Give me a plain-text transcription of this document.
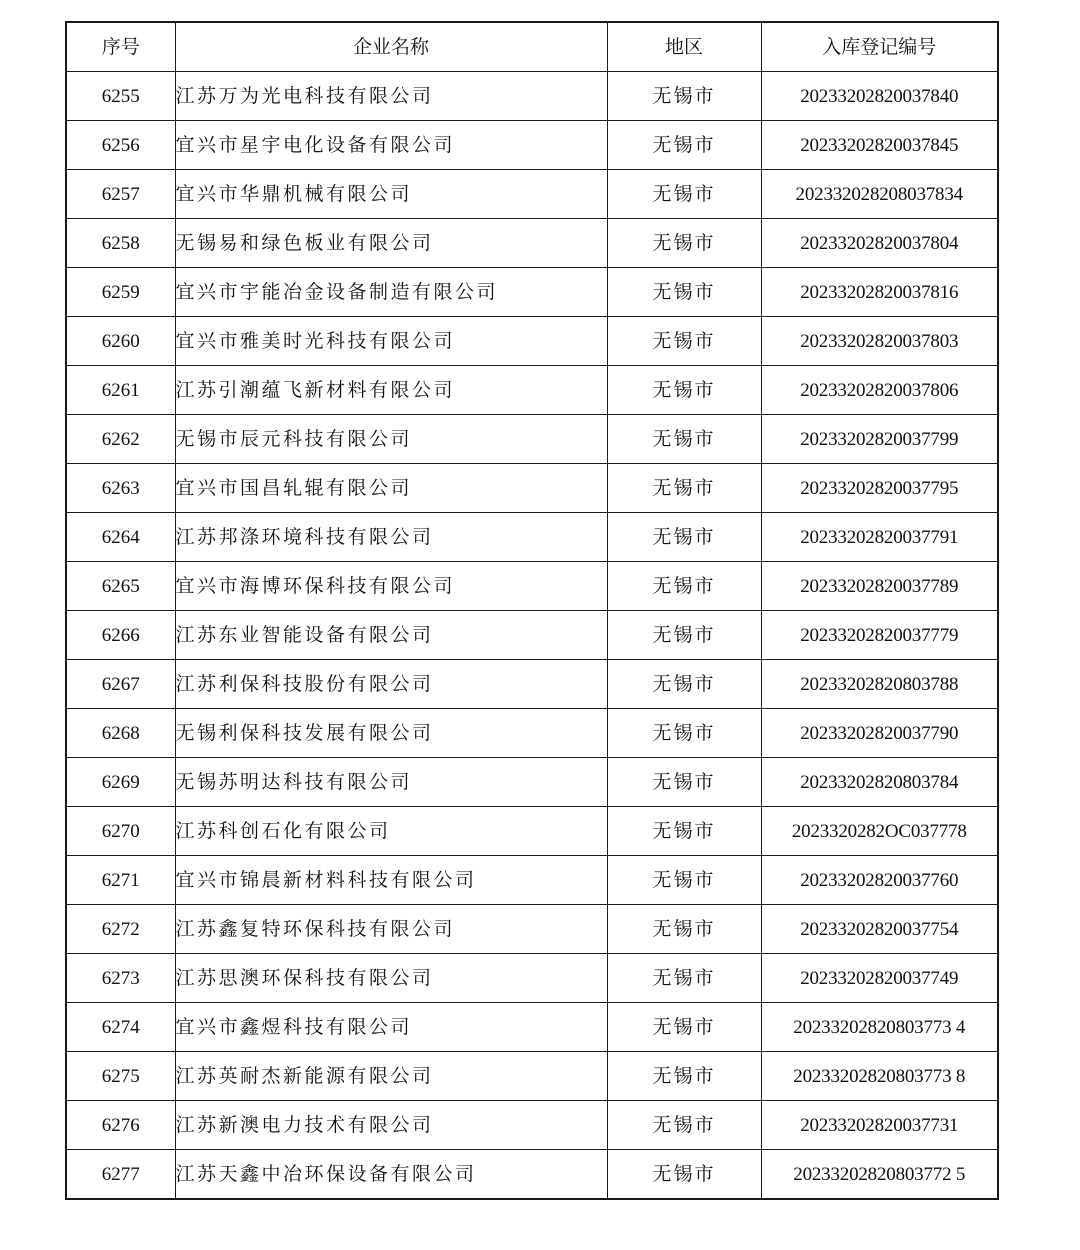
序号	企业名称	地区	入库登记编号
6255	江苏万为光电科技有限公司	无锡市	20233202820037840
6256	宜兴市星宇电化设备有限公司	无锡市	20233202820037845
6257	宜兴市华鼎机械有限公司	无锡市	202332028208037834
6258	无锡易和绿色板业有限公司	无锡市	20233202820037804
6259	宜兴市宇能冶金设备制造有限公司	无锡市	20233202820037816
6260	宜兴市雅美时光科技有限公司	无锡市	20233202820037803
6261	江苏引潮蕴飞新材料有限公司	无锡市	20233202820037806
6262	无锡市辰元科技有限公司	无锡市	20233202820037799
6263	宜兴市国昌轧辊有限公司	无锡市	20233202820037795
6264	江苏邦涤环境科技有限公司	无锡市	20233202820037791
6265	宜兴市海博环保科技有限公司	无锡市	20233202820037789
6266	江苏东业智能设备有限公司	无锡市	20233202820037779
6267	江苏利保科技股份有限公司	无锡市	20233202820803788
6268	无锡利保科技发展有限公司	无锡市	20233202820037790
6269	无锡苏明达科技有限公司	无锡市	20233202820803784
6270	江苏科创石化有限公司	无锡市	2023320282OC037778
6271	宜兴市锦晨新材料科技有限公司	无锡市	20233202820037760
6272	江苏鑫复特环保科技有限公司	无锡市	20233202820037754
6273	江苏思澳环保科技有限公司	无锡市	20233202820037749
6274	宜兴市鑫煜科技有限公司	无锡市	20233202820803773 4
6275	江苏英耐杰新能源有限公司	无锡市	20233202820803773 8
6276	江苏新澳电力技术有限公司	无锡市	20233202820037731
6277	江苏天鑫中冶环保设备有限公司	无锡市	20233202820803772 5
